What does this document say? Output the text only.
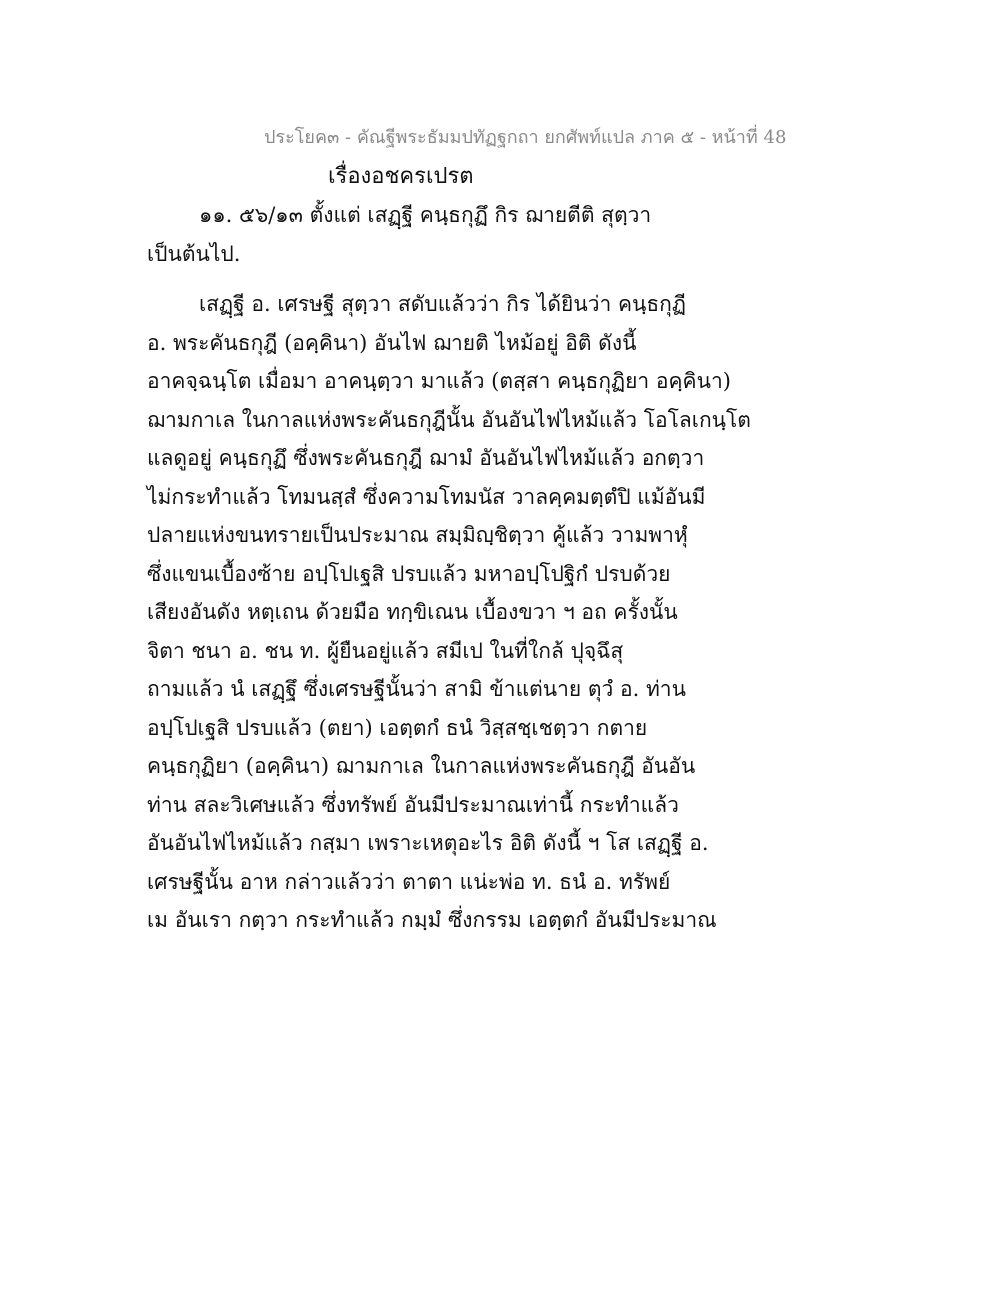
ประโยค๓ - คัณฐีพระธัมมปทัฏฐกถา ยกศัพท์แปล ภาค ๕ - หน้าที่ 48
เรื่องอชครเปรต
๑๑. ๕๖/๑๓ ตั้งแต่ เสฏฺฐี คนฺธกุฏึ กิร ฌายตีติ สุตฺวา
เป็นต้นไป.
เสฏฺฐี อ. เศรษฐี สุตฺวา สดับแล้วว่า กิร ได้ยินว่า คนฺธกุฏี
อ. พระคันธกุฎี (อคฺคินา) อันไฟ ฌายติ ไหม้อยู่ อิติ ดังนี้
อาคจฺฉนฺโต เมื่อมา อาคนฺตฺวา มาแล้ว (ตสฺสา คนฺธกุฏิยา อคฺคินา)
ฌามกาเล ในกาลแห่งพระคันธกุฎีนั้น อันอันไฟไหม้แล้ว โอโลเกนฺโต
แลดูอยู่ คนฺธกุฏึ ซึ่งพระคันธกุฎี ฌามํ อันอันไฟไหม้แล้ว อกตฺวา
ไม่กระทำแล้ว โทมนสฺสํ ซึ่งความโทมนัส วาลคฺคมตฺตํปิ แม้อันมี
ปลายแห่งขนทรายเป็นประมาณ สมฺมิญฺชิตฺวา คู้แล้ว วามพาหุํ
ซึ่งแขนเบื้องซ้าย อปฺโปเฐสิ ปรบแล้ว มหาอปฺโปฐิกํ ปรบด้วย
เสียงอันดัง หตฺเถน ด้วยมือ ทกฺขิเณน เบื้องขวา ฯ อถ ครั้งนั้น
จิตา ชนา อ. ชน ท. ผู้ยืนอยู่แล้ว สมีเป ในที่ใกล้ ปุจฺฉึสุ
ถามแล้ว นํ เสฏฺฐึ ซึ่งเศรษฐีนั้นว่า สามิ ข้าแต่นาย ตุวํ อ. ท่าน
อปฺโปเฐสิ ปรบแล้ว (ตยา) เอตฺตกํ ธนํ วิสฺสชฺเชตฺวา กตาย
คนฺธกุฏิยา (อคฺคินา) ฌามกาเล ในกาลแห่งพระคันธกุฎี อันอัน
ท่าน สละวิเศษแล้ว ซึ่งทรัพย์ อันมีประมาณเท่านี้ กระทำแล้ว
อันอันไฟไหม้แล้ว กสฺมา เพราะเหตุอะไร อิติ ดังนี้ ฯ โส เสฏฺฐี อ.
เศรษฐีนั้น อาห กล่าวแล้วว่า ตาตา แน่ะพ่อ ท. ธนํ อ. ทรัพย์
เม อันเรา กตฺวา กระทำแล้ว กมฺมํ ซึ่งกรรม เอตฺตกํ อันมีประมาณ
